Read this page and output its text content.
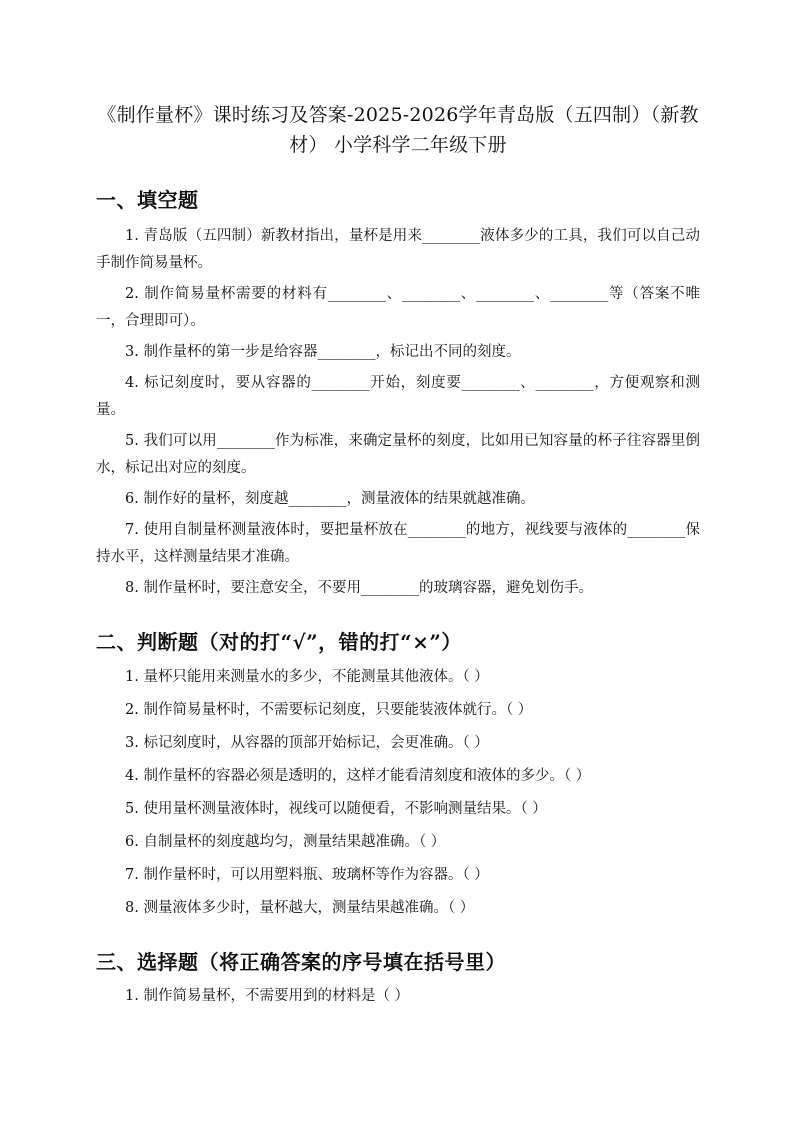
《制作量杯》课时练习及答案-2025-2026学年青岛版（五四制）（新教材） 小学科学二年级下册
一、填空题
1. 青岛版（五四制）新教材指出，量杯是用来________液体多少的工具，我们可以自己动手制作简易量杯。
2. 制作简易量杯需要的材料有________、________、________、________等（答案不唯一，合理即可）。
3. 制作量杯的第一步是给容器________，标记出不同的刻度。
4. 标记刻度时，要从容器的________开始，刻度要________、________，方便观察和测量。
5. 我们可以用________作为标准，来确定量杯的刻度，比如用已知容量的杯子往容器里倒水，标记出对应的刻度。
6. 制作好的量杯，刻度越________，测量液体的结果就越准确。
7. 使用自制量杯测量液体时，要把量杯放在________的地方，视线要与液体的________保持水平，这样测量结果才准确。
8. 制作量杯时，要注意安全，不要用________的玻璃容器，避免划伤手。
二、判断题（对的打“√”，错的打“×”）
1. 量杯只能用来测量水的多少，不能测量其他液体。（ ）
2. 制作简易量杯时，不需要标记刻度，只要能装液体就行。（ ）
3. 标记刻度时，从容器的顶部开始标记，会更准确。（ ）
4. 制作量杯的容器必须是透明的，这样才能看清刻度和液体的多少。（ ）
5. 使用量杯测量液体时，视线可以随便看，不影响测量结果。（ ）
6. 自制量杯的刻度越均匀，测量结果越准确。（ ）
7. 制作量杯时，可以用塑料瓶、玻璃杯等作为容器。（ ）
8. 测量液体多少时，量杯越大，测量结果越准确。（ ）
三、选择题（将正确答案的序号填在括号里）
1. 制作简易量杯，不需要用到的材料是（ ）
